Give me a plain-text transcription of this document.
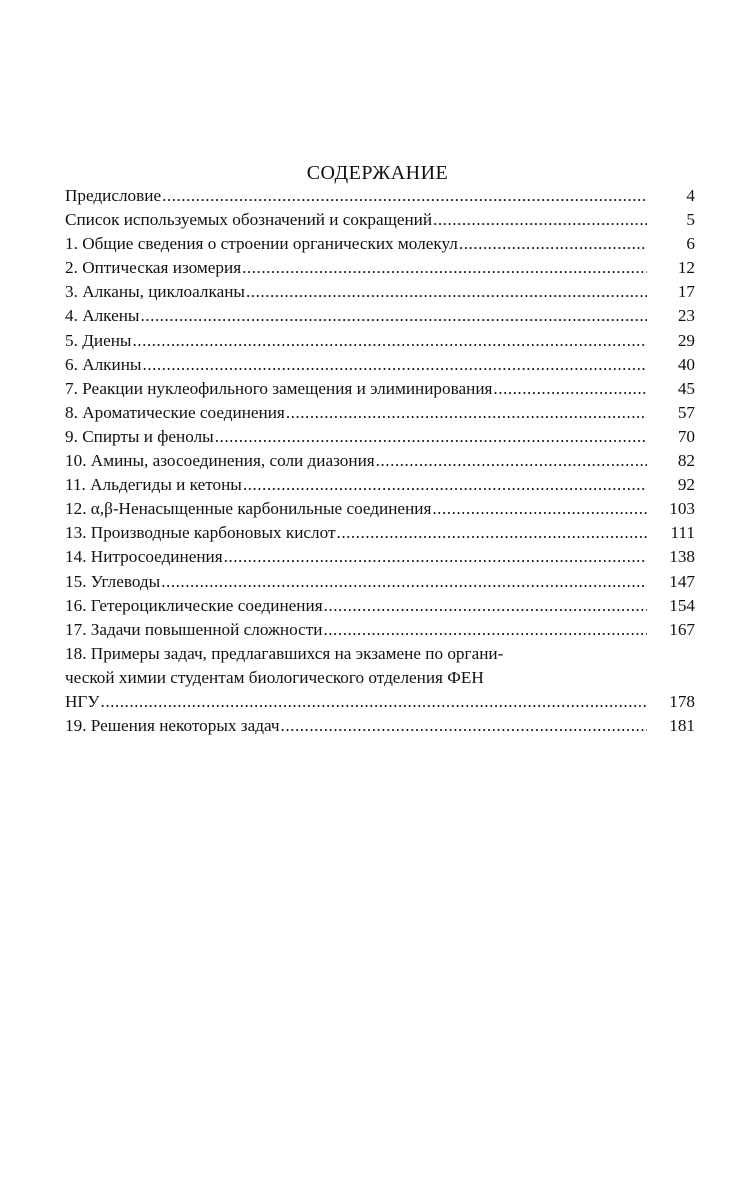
СОДЕРЖАНИЕ
Предисловие .....	4
Список используемых обозначений и сокращений .....	5
1. Общие сведения о строении органических молекул .....	6
2. Оптическая изомерия .....	12
3. Алканы, циклоалканы .....	17
4. Алкены .....	23
5. Диены .....	29
6. Алкины .....	40
7. Реакции нуклеофильного замещения и элиминирования .....	45
8. Ароматические соединения .....	57
9. Спирты и фенолы .....	70
10. Амины, азосоединения, соли диазония .....	82
11. Альдегиды и кетоны .....	92
12. α,β-Ненасыщенные карбонильные соединения .....	103
13. Производные карбоновых кислот .....	111
14. Нитросоединения .....	138
15. Углеводы .....	147
16. Гетероциклические соединения .....	154
17. Задачи повышенной сложности .....	167
18. Примеры задач, предлагавшихся на экзамене по органи-
ческой химии студентам биологического отделения ФЕН
НГУ .....	178
19. Решения некоторых задач .....	181
